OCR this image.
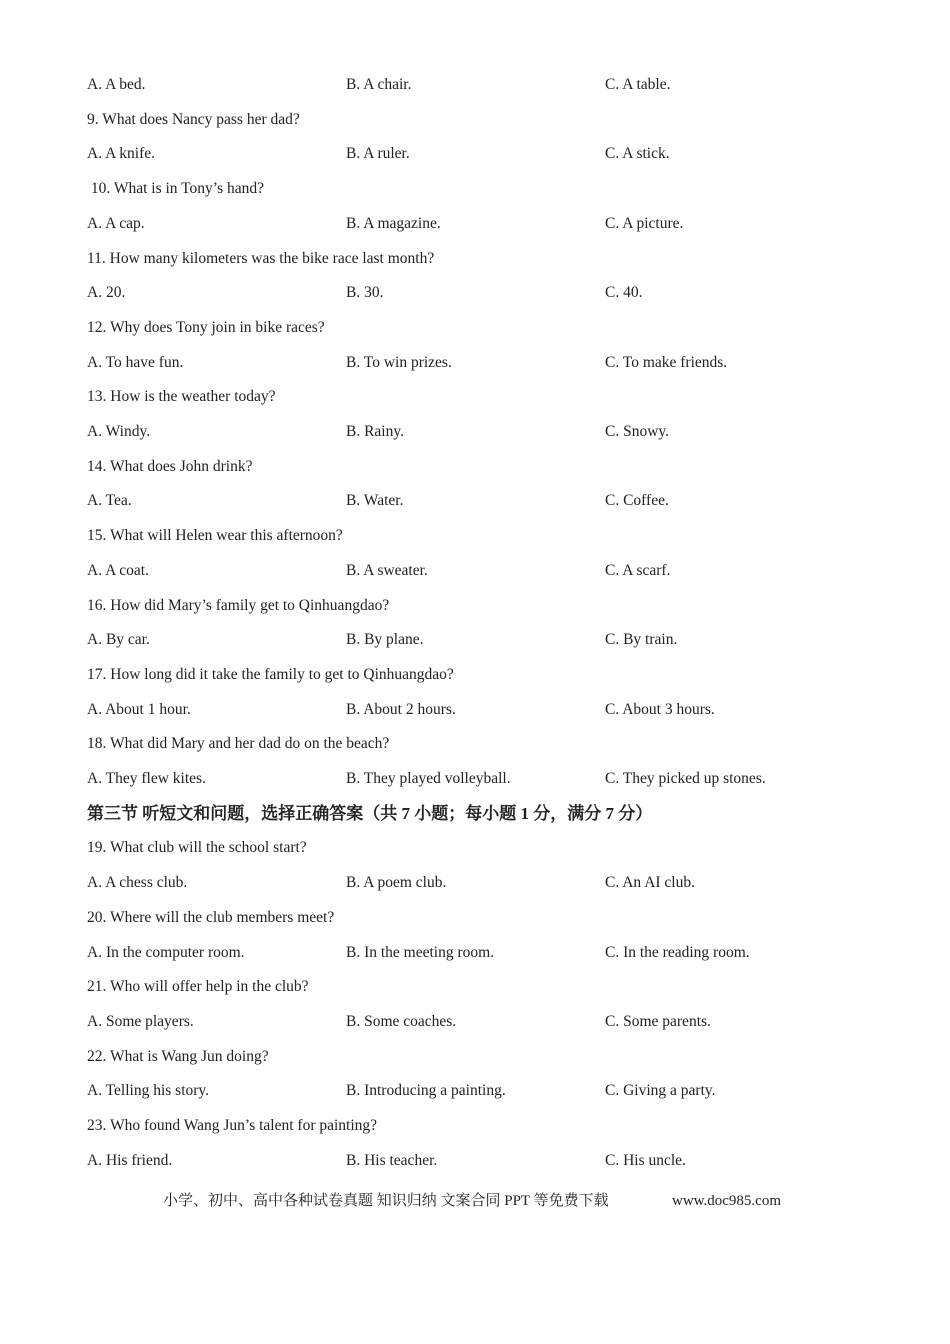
A. A bed.	B. A chair.	C. A table.
9. What does Nancy pass her dad?
A. A knife.	B. A ruler.	C. A stick.
10. What is in Tony’s hand?
A. A cap.	B. A magazine.	C. A picture.
11. How many kilometers was the bike race last month?
A. 20.	B. 30.	C. 40.
12. Why does Tony join in bike races?
A. To have fun.	B. To win prizes.	C. To make friends.
13. How is the weather today?
A. Windy.	B. Rainy.	C. Snowy.
14. What does John drink?
A. Tea.	B. Water.	C. Coffee.
15. What will Helen wear this afternoon?
A. A coat.	B. A sweater.	C. A scarf.
16. How did Mary’s family get to Qinhuangdao?
A. By car.	B. By plane.	C. By train.
17. How long did it take the family to get to Qinhuangdao?
A. About 1 hour.	B. About 2 hours.	C. About 3 hours.
18. What did Mary and her dad do on the beach?
A. They flew kites.	B. They played volleyball.	C. They picked up stones.
第三节 听短文和问题，选择正确答案（共 7 小题；每小题 1 分，满分 7 分）
19. What club will the school start?
A. A chess club.	B. A poem club.	C. An AI club.
20. Where will the club members meet?
A. In the computer room.	B. In the meeting room.	C. In the reading room.
21. Who will offer help in the club?
A. Some players.	B. Some coaches.	C. Some parents.
22. What is Wang Jun doing?
A. Telling his story.	B. Introducing a painting.	C. Giving a party.
23. Who found Wang Jun’s talent for painting?
A. His friend.	B. His teacher.	C. His uncle.
小学、初中、高中各种试卷真题 知识归纳 文案合同 PPT 等免费下载	www.doc985.com
